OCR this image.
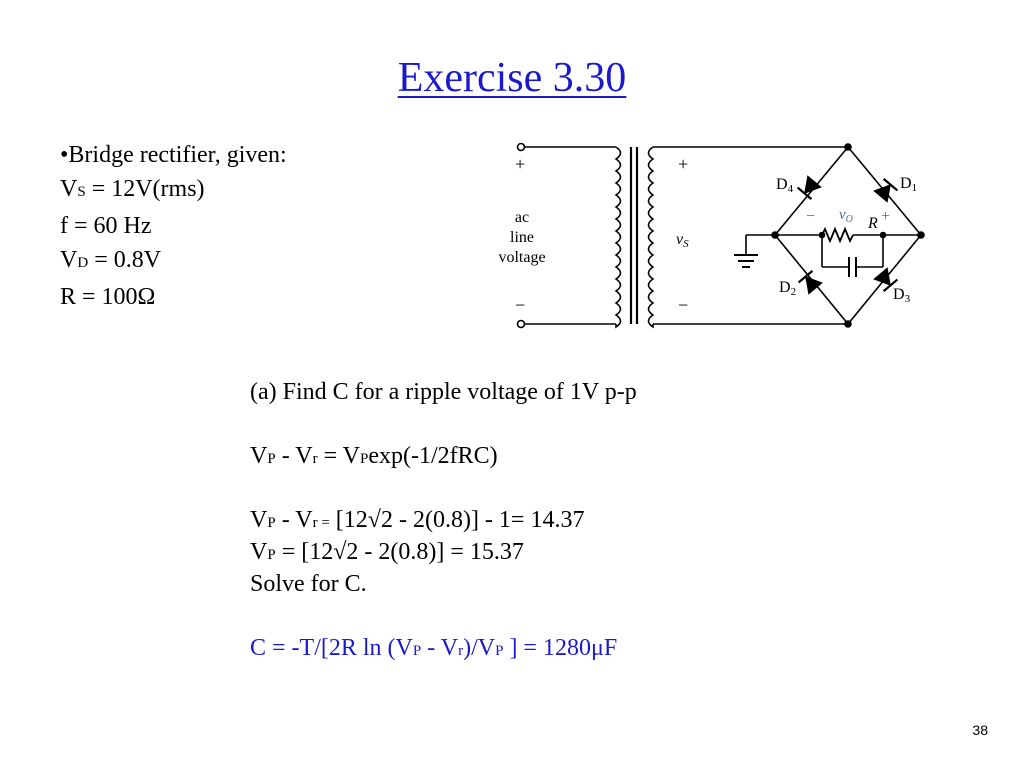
Exercise 3.30
•Bridge rectifier, given:
VS = 12V(rms)
f = 60 Hz
VD = 0.8V
R = 100Ω
+
−
ac
line
voltage
+
−
vS
D4	D1
D2	D3
− $v_O$ R +
(a) Find C for a ripple voltage of 1V p-p
VP - Vr = VPexp(-1/2fRC)
VP - Vr = [12√2 - 2(0.8)] - 1= 14.37
VP = [12√2 - 2(0.8)] = 15.37
Solve for C.
C = -T/[2R ln (VP - Vr)/VP ] = 1280μF
38
